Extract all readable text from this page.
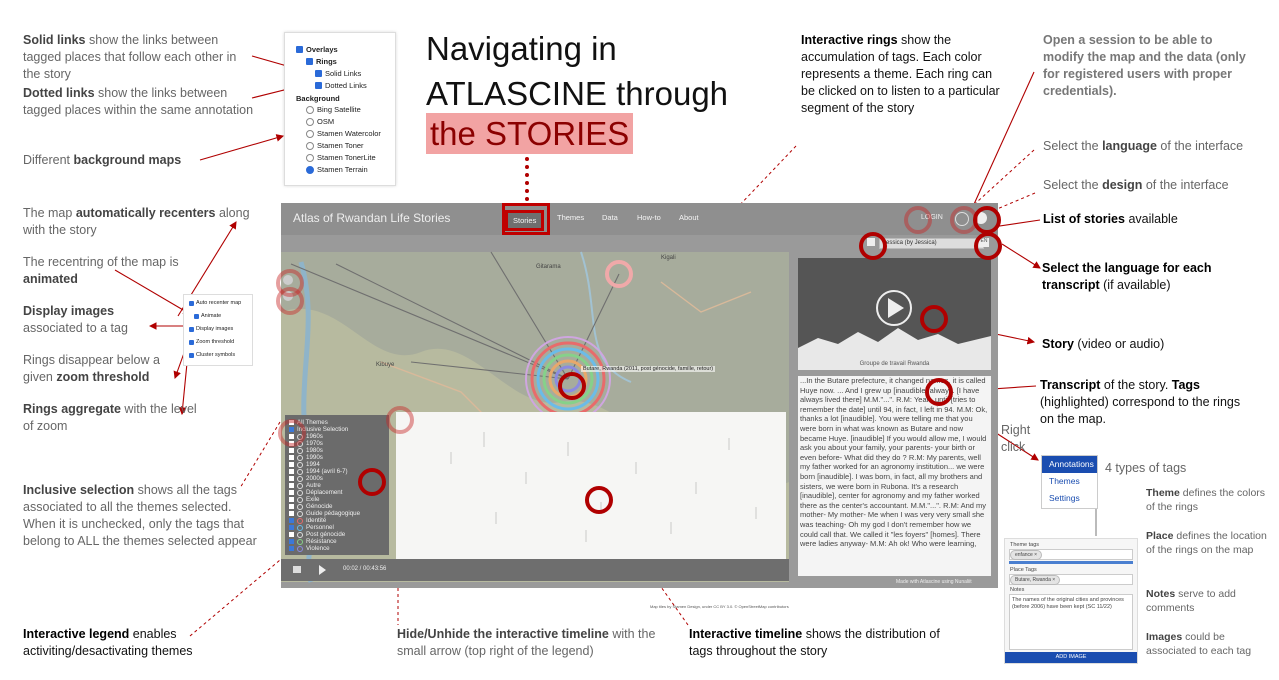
Navigating in
ATLASCINE through
the STORIES
Solid links show the links between tagged places that follow each other in the story
Dotted links show the links between tagged places within the same annotation
Different background maps
The map automatically recenters along with the story
The recentring of the map is animated
Display images
associated to a tag
Rings disappear below a given zoom threshold
Rings aggregate with the level of zoom
Inclusive selection shows all the tags associated to all the themes selected. When it is unchecked, only the tags that belong to ALL the themes selected appear
Interactive legend enables activiting/desactivating themes
Hide/Unhide the interactive timeline with the small arrow (top right of the legend)
Interactive timeline shows the distribution of tags throughout the story
Interactive rings show the accumulation of tags. Each color represents a theme. Each ring can be clicked on to listen to a particular segment of the story
Open a session to be able to modify the map and the data (only for registered users with proper credentials).
Select the language of the interface
Select the design of the interface
List of stories available
Select the language for each transcript (if available)
Story (video or audio)
Transcript of the story. Tags (highlighted) correspond to the rings on the map.
Right click
4 types of tags
Theme defines the colors of the rings
Place defines the location of the rings on the map
Notes serve to add comments
Images could be associated to each tag
Annotations
Themes
Settings
Theme tags
enfance ×
Place Tags
Butare, Rwanda ×
Notes
The names of the original cities and provinces (before 2006) have been kept (SC 11/22)
ADD IMAGE
Overlays
Rings
Solid Links
Dotted Links
Background
Bing Satellite
OSM
Stamen Watercolor
Stamen Toner
Stamen TonerLite
Stamen Terrain
Auto recenter map
Animate
Display images
Zoom threshold
Cluster symbols
Atlas of Rwandan Life Stories	Stories	Themes Data	How-to About	LOGIN
Jessica (by Jessica)	EN
Gitarama
Kibuye
Kigali
Butare, Rwanda (2011, post génocide, famille, retour)
Map tiles by Stamen Design, under CC BY 3.0. © OpenStreetMap contributors
All Themes
Inclusive Selection
1960s
1970s
1980s
1990s
1994
1994 (avril 6-7)
2000s
Autre
Déplacement
Exile
Génocide
Guide pédagogique
Identité
Personnel
Post génocide
Résistance
Violence
00:02 / 00:43:56
Groupe de travail Rwanda
...In the Butare prefecture, it changed names, it is called Huye now. ... And I grew up [inaudible] always. [I have always lived there] M.M."...". R.M: Yeah, until [tries to remember the date] until 94, in fact, I left in 94. M.M: Ok, thanks a lot [inaudible]. You were telling me that you were born in what was known as Butare and now became Huye. [inaudible] If you would allow me, I would ask you about your family, your parents- your birth or even before- What did they do ? R.M: My parents, well my father worked for an agronomy institution... we were born [inaudible]. I was born, in fact, all my brothers and sisters, we were born in Rubona. It's a research [inaudible], center for agronomy and my father worked there as the center's accountant. M.M."...". R.M: And my mother- My mother- Me when I was very very small she was teaching- Oh my god I don't remember how we could call that. We called it "les foyers" [homes]. There were ladies anyway- M.M: Ah ok! Who were learning,
Made with Atlascine using Nunaliit
